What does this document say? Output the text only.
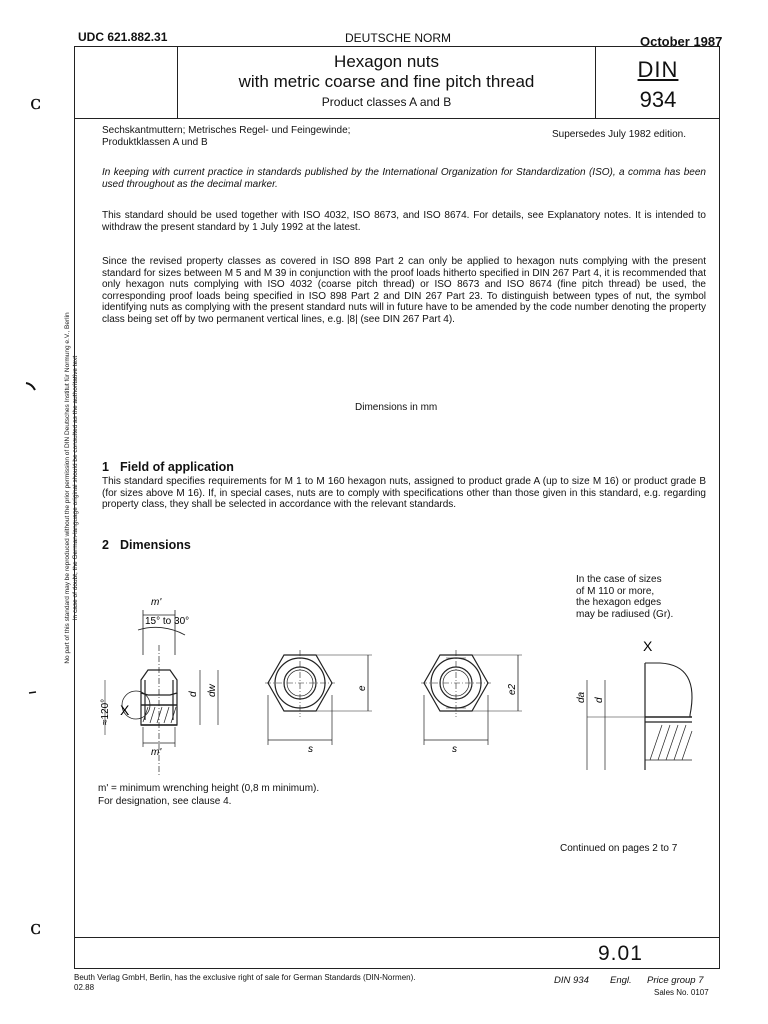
UDC 621.882.31	DEUTSCHE NORM	October 1987
Hexagon nuts
with metric coarse and fine pitch thread
Product classes A and B
DIN
934
Sechskantmuttern; Metrisches Regel- und Feingewinde;
Produktklassen A und B
Supersedes July 1982 edition.
In keeping with current practice in standards published by the International Organization for Standardization (ISO), a comma has been used throughout as the decimal marker.
This standard should be used together with ISO 4032, ISO 8673, and ISO 8674. For details, see Explanatory notes. It is intended to withdraw the present standard by 1 July 1992 at the latest.
Since the revised property classes as covered in ISO 898 Part 2 can only be applied to hexagon nuts complying with the present standard for sizes between M 5 and M 39 in conjunction with the proof loads hitherto specified in DIN 267 Part 4, it is recommended that only hexagon nuts complying with ISO 4032 (coarse pitch thread) or ISO 8673 and ISO 8674 (fine pitch thread) be used, the corresponding proof loads being specified in ISO 898 Part 2 and DIN 267 Part 23. To distinguish between types of nut, the symbol identifying nuts as complying with the present standard nuts will in future have to be amended by the code number denoting the property class being set off by two permanent vertical lines, e.g. |8| (see DIN 267 Part 4).
Dimensions in mm
1 Field of application
This standard specifies requirements for M 1 to M 160 hexagon nuts, assigned to product grade A (up to size M 16) or product grade B (for sizes above M 16). If, in special cases, nuts are to comply with specifications other than those given in this standard, e.g. regarding property class, they shall be selected in accordance with the relevant standards.
2 Dimensions
In the case of sizes
of M 110 or more,
the hexagon edges
may be radiused (Gr).
m'
15° to 30°
X
≈120°
d dw
m'
e
s
e2
s
X
da d
m' = minimum wrenching height (0,8 m minimum).
For designation, see clause 4.
Continued on pages 2 to 7
9.01
Beuth Verlag GmbH, Berlin, has the exclusive right of sale for German Standards (DIN-Normen).
02.88
DIN 934 Engl. Price group 7
Sales No. 0107
No part of this standard may be reproduced without the prior permission of DIN Deutsches Institut für Normung e.V., Berlin In case of doubt, the German-language original should be consulted as the authoritative text
ᴄ
ᴄ
